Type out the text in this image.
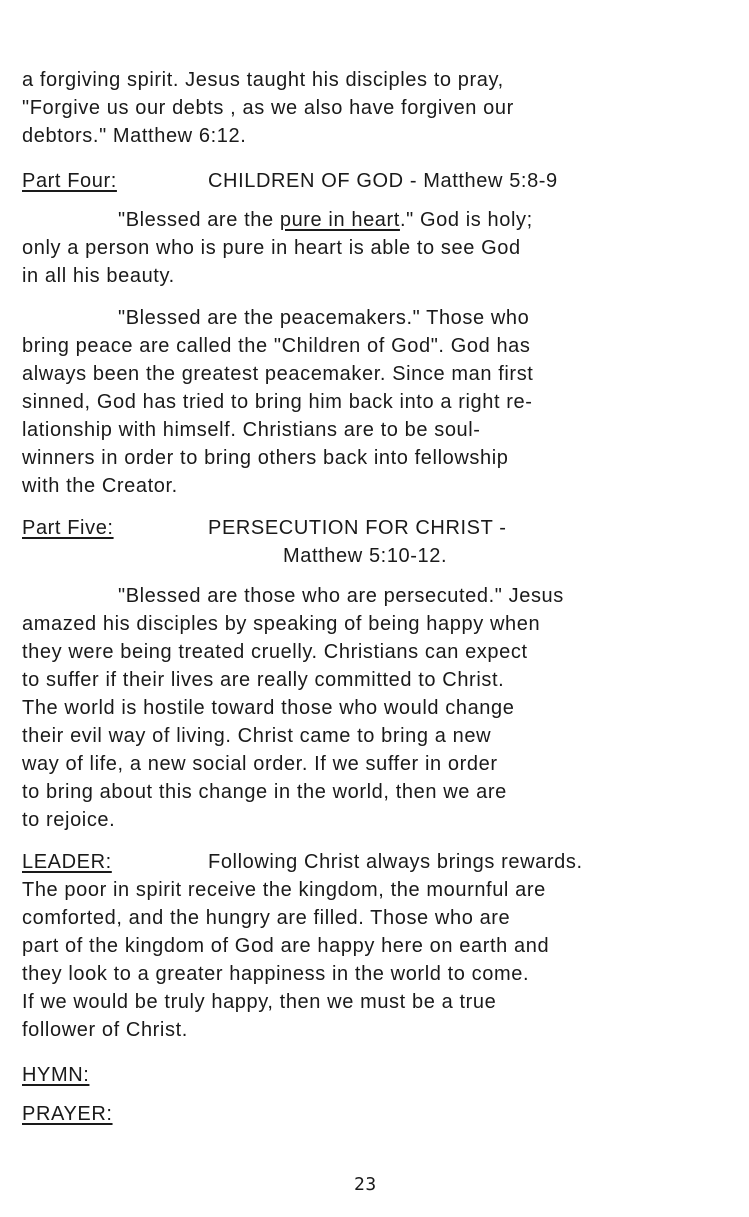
a forgiving spirit. Jesus taught his disciples to pray,
"Forgive us our debts , as we also have forgiven our
debtors." Matthew 6:12.
Part Four:	CHILDREN OF GOD - Matthew 5:8-9
"Blessed are the pure in heart." God is holy;
only a person who is pure in heart is able to see God
in all his beauty.
"Blessed are the peacemakers." Those who
bring peace are called the "Children of God". God has
always been the greatest peacemaker. Since man first
sinned, God has tried to bring him back into a right re-
lationship with himself. Christians are to be soul-
winners in order to bring others back into fellowship
with the Creator.
Part Five:	PERSECUTION FOR CHRIST -
Matthew 5:10-12.
"Blessed are those who are persecuted." Jesus
amazed his disciples by speaking of being happy when
they were being treated cruelly. Christians can expect
to suffer if their lives are really committed to Christ.
The world is hostile toward those who would change
their evil way of living. Christ came to bring a new
way of life, a new social order. If we suffer in order
to bring about this change in the world, then we are
to rejoice.
LEADER:	Following Christ always brings rewards.
The poor in spirit receive the kingdom, the mournful are
comforted, and the hungry are filled. Those who are
part of the kingdom of God are happy here on earth and
they look to a greater happiness in the world to come.
If we would be truly happy, then we must be a true
follower of Christ.
HYMN:
PRAYER:
23
